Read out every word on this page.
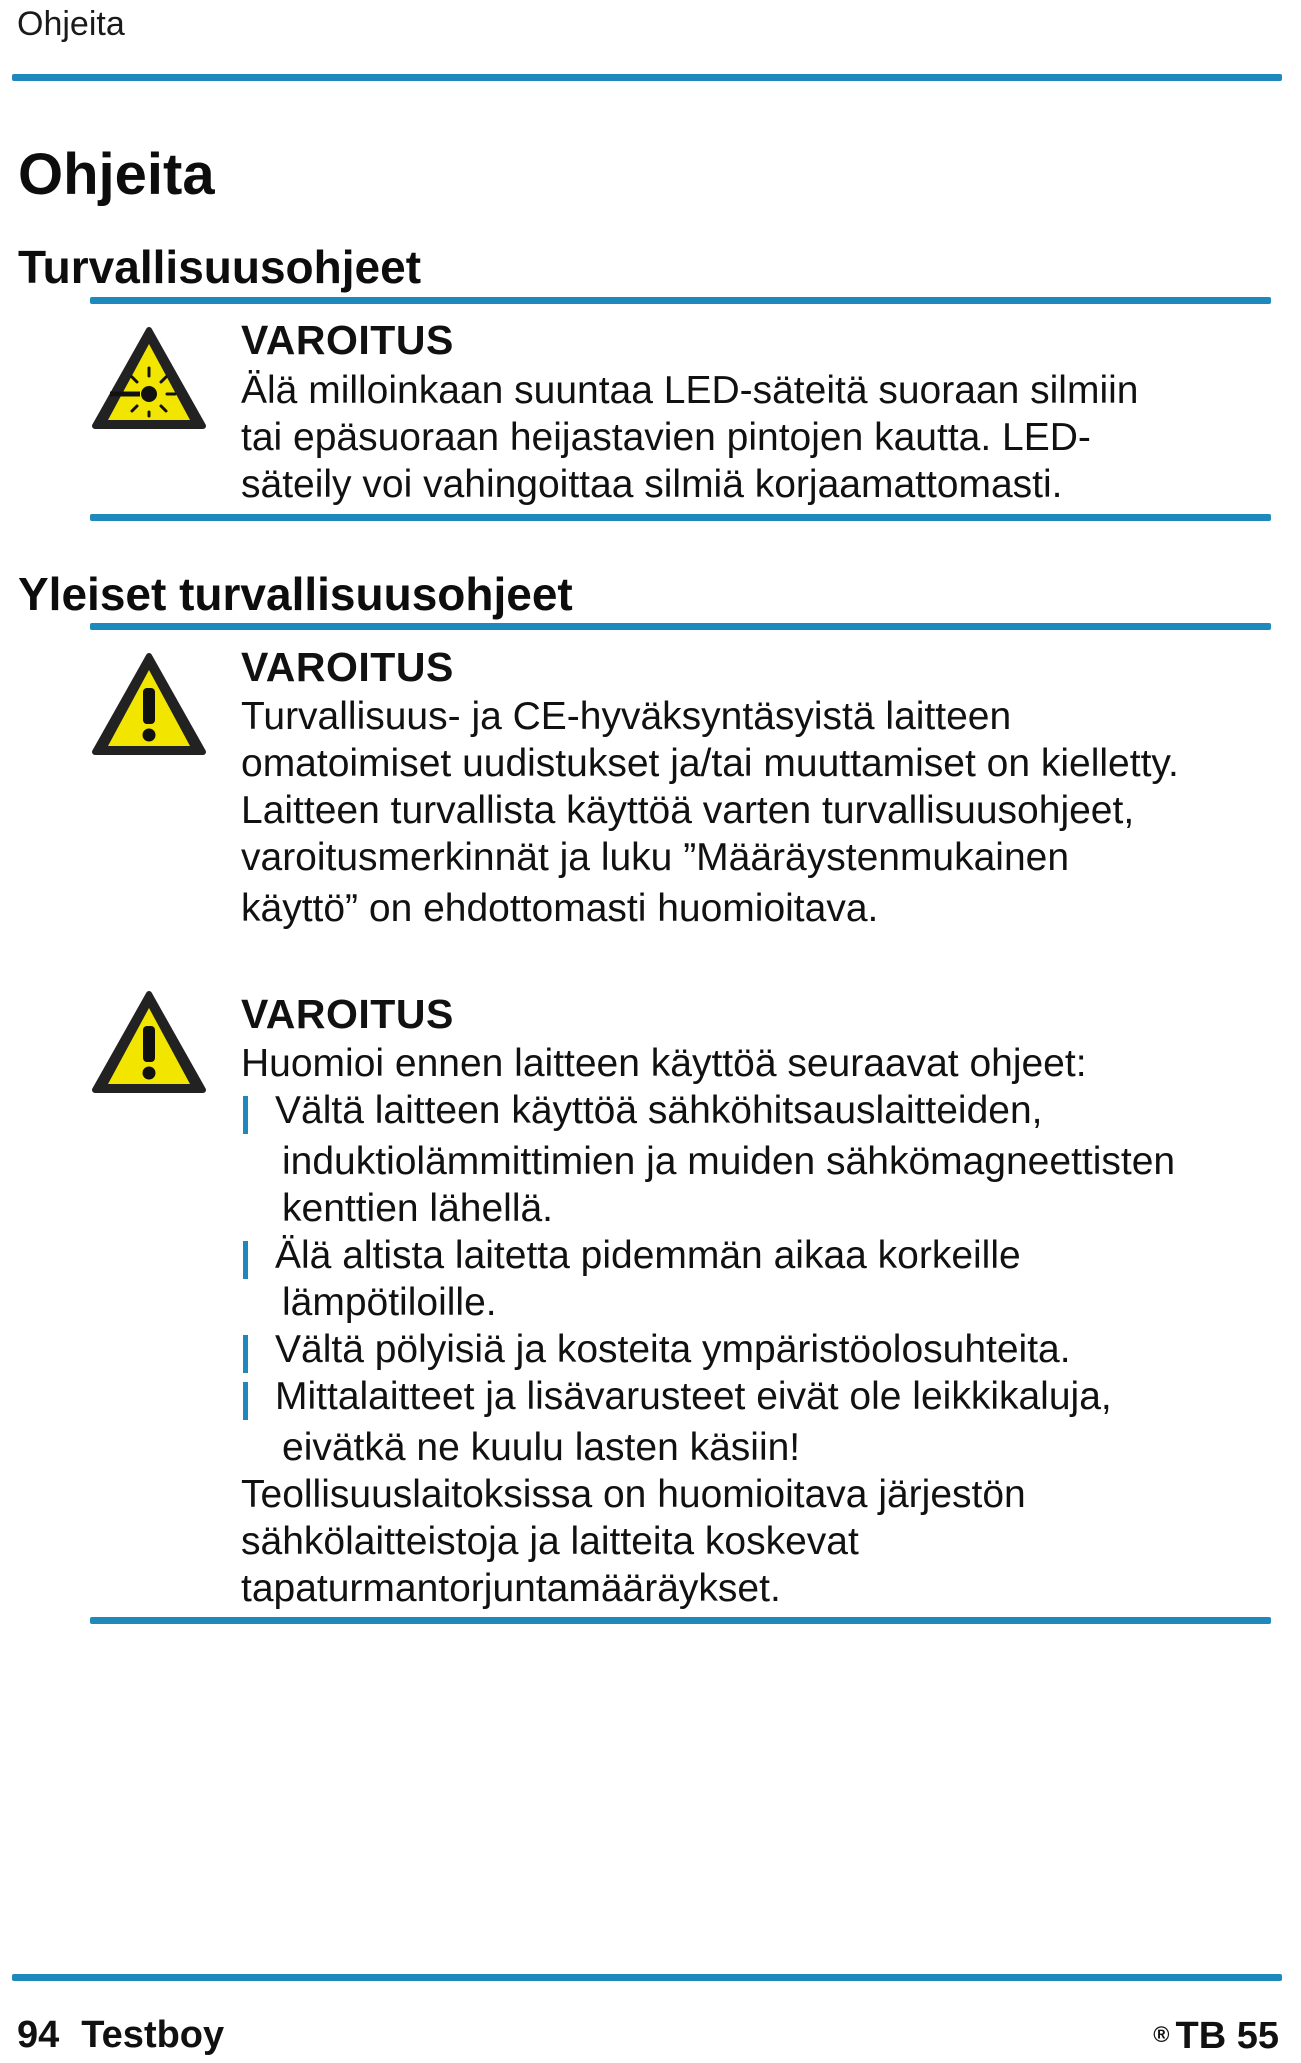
Ohjeita
Ohjeita
Turvallisuusohjeet
VAROITUS
Älä milloinkaan suuntaa LED-säteitä suoraan silmiin
tai epäsuoraan heijastavien pintojen kautta. LED-
säteily voi vahingoittaa silmiä korjaamattomasti.
Yleiset turvallisuusohjeet
VAROITUS
Turvallisuus- ja CE-hyväksyntäsyistä laitteen
omatoimiset uudistukset ja/tai muuttamiset on kielletty.
Laitteen turvallista käyttöä varten turvallisuusohjeet,
varoitusmerkinnät ja luku ”Määräystenmukainen
käyttö” on ehdottomasti huomioitava.
VAROITUS
Huomioi ennen laitteen käyttöä seuraavat ohjeet:
Vältä laitteen käyttöä sähköhitsauslaitteiden,
induktiolämmittimien ja muiden sähkömagneettisten
kenttien lähellä.
Älä altista laitetta pidemmän aikaa korkeille
lämpötiloille.
Vältä pölyisiä ja kosteita ympäristöolosuhteita.
Mittalaitteet ja lisävarusteet eivät ole leikkikaluja,
eivätkä ne kuulu lasten käsiin!
Teollisuuslaitoksissa on huomioitava järjestön
sähkölaitteistoja ja laitteita koskevat
tapaturmantorjuntamääräykset.
94 Testboy	® TB 55
